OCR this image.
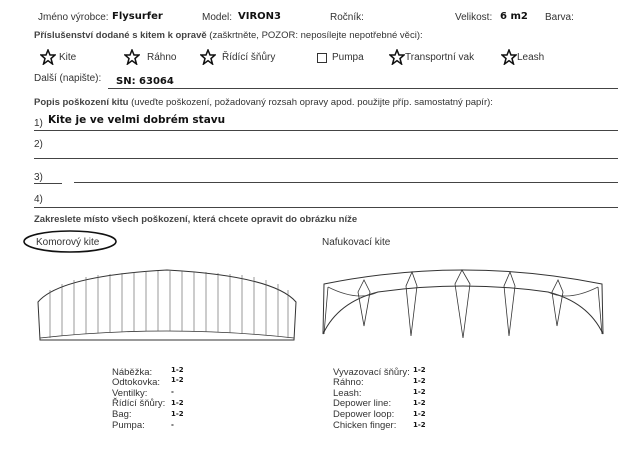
Jméno výrobce: Flysurfer	Model: VIRON3	Ročník:	Velikost: 6 m2 Barva:
Příslušenství dodané s kitem k opravě (zaškrtněte, POZOR: neposílejte nepotřebné věci):
Kite	Ráhno	Řídící šňůry	Pumpa	Transportní vak	Leash
Další (napište): SN: 63064
Popis poškození kitu (uveďte poškození, požadovaný rozsah opravy apod. použijte příp. samostatný papír):
1) Kite je ve velmi dobrém stavu
2)
3)
4)
Zakreslete místo všech poškození, která chcete opravit do obrázku níže
Komorový kite	Nafukovací kite
Náběžka:	1-2
Odtokovka: 1-2
Ventilky:	-
Řídící šňůry: 1-2
Bag:	1-2
Pumpa:	-
Vyvazovací šňůry: 1-2
Ráhno:	1-2
Leash:	1-2
Depower line:	1-2
Depower loop:	1-2
Chicken finger: 1-2
